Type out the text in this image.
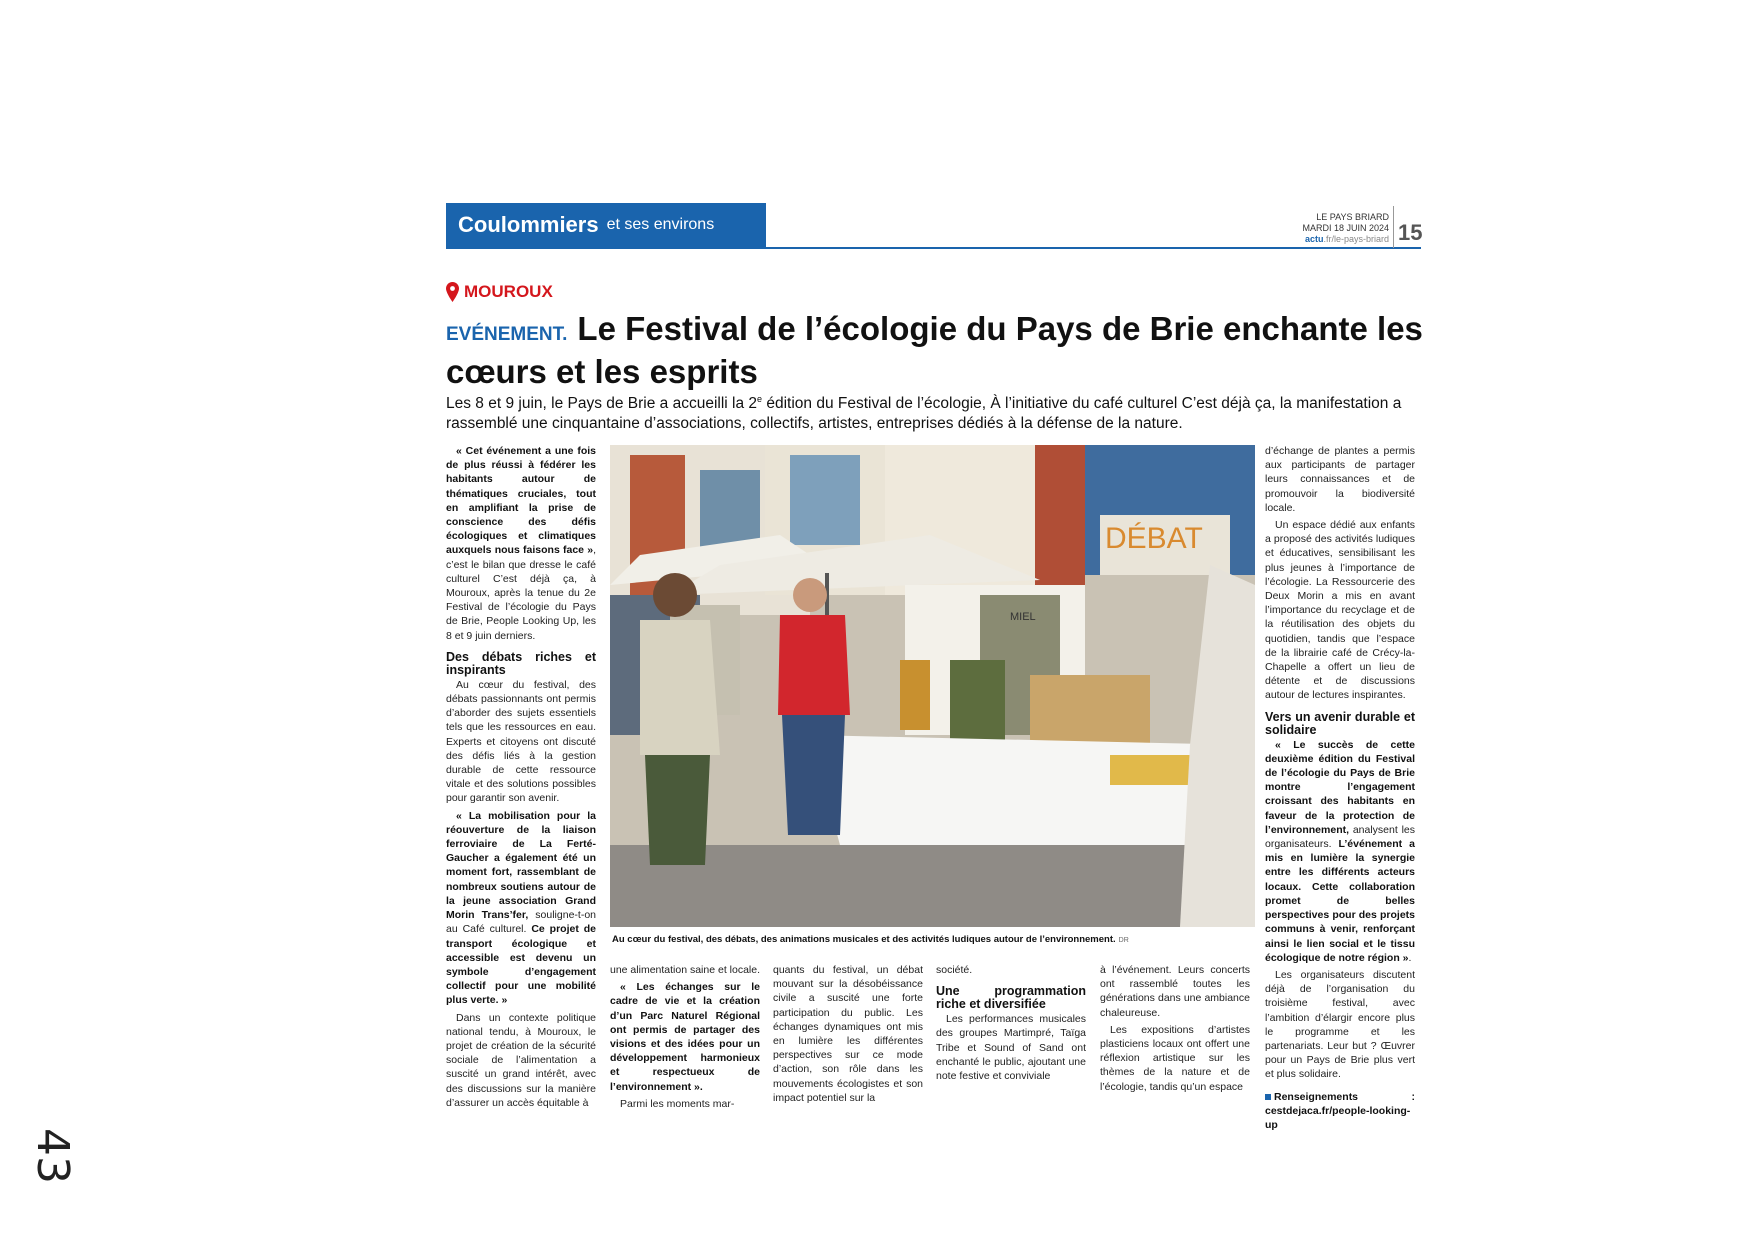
43
Coulommiers et ses environs	LE PAYS BRIARD
MARDI 18 JUIN 2024
actu.fr/le-pays-briard 15
MOUROUX
EVÉNEMENT. Le Festival de l’écologie du Pays de Brie enchante les cœurs et les esprits
Les 8 et 9 juin, le Pays de Brie a accueilli la 2e édition du Festival de l’écologie, À l’initiative du café culturel C’est déjà ça, la manifestation a rassemblé une cinquantaine d’associations, collectifs, artistes, entreprises dédiés à la défense de la nature.

« Cet événement a une fois de plus réussi à fédérer les habitants autour de thématiques cruciales, tout en amplifiant la prise de conscience des défis écologiques et climatiques auxquels nous faisons face », c’est le bilan que dresse le café culturel C’est déjà ça, à Mouroux, après la tenue du 2e Festival de l’écologie du Pays de Brie, People Looking Up, les 8 et 9 juin derniers.

Des débats riches et inspirants

Au cœur du festival, des débats passionnants ont permis d’aborder des sujets essentiels tels que les ressources en eau. Experts et citoyens ont discuté des défis liés à la gestion durable de cette ressource vitale et des solutions possibles pour garantir son avenir.

« La mobilisation pour la réouverture de la liaison ferroviaire de La Ferté-Gaucher a également été un moment fort, rassemblant de nombreux soutiens autour de la jeune association Grand Morin Trans’fer, souligne-t-on au Café culturel. Ce projet de transport écologique et accessible est devenu un symbole d’engagement collectif pour une mobilité plus verte. »

Dans un contexte politique national tendu, à Mouroux, le projet de création de la sécurité sociale de l’alimentation a suscité un grand intérêt, avec des discussions sur la manière d’assurer un accès équitable à

DÉBAT
MIEL
Au cœur du festival, des débats, des animations musicales et des activités ludiques autour de l’environnement. DR

une alimentation saine et locale.

« Les échanges sur le cadre de vie et la création d’un Parc Naturel Régional ont permis de partager des visions et des idées pour un développement harmonieux et respectueux de l’environnement ».

Parmi les moments mar-

quants du festival, un débat mouvant sur la désobéissance civile a suscité une forte participation du public. Les échanges dynamiques ont mis en lumière les différentes perspectives sur ce mode d’action, son rôle dans les mouvements écologistes et son impact potentiel sur la

société.

Une programmation riche et diversifiée

Les performances musicales des groupes Martimpré, Taïga Tribe et Sound of Sand ont enchanté le public, ajoutant une note festive et conviviale

à l’événement. Leurs concerts ont rassemblé toutes les générations dans une ambiance chaleureuse.

Les expositions d’artistes plasticiens locaux ont offert une réflexion artistique sur les thèmes de la nature et de l’écologie, tandis qu’un espace

d’échange de plantes a permis aux participants de partager leurs connaissances et de promouvoir la biodiversité locale.

Un espace dédié aux enfants a proposé des activités ludiques et éducatives, sensibilisant les plus jeunes à l’importance de l’écologie. La Ressourcerie des Deux Morin a mis en avant l’importance du recyclage et de la réutilisation des objets du quotidien, tandis que l’espace de la librairie café de Crécy-la-Chapelle a offert un lieu de détente et de discussions autour de lectures inspirantes.

Vers un avenir durable et solidaire

« Le succès de cette deuxième édition du Festival de l’écologie du Pays de Brie montre l’engagement croissant des habitants en faveur de la protection de l’environnement, analysent les organisateurs. L’événement a mis en lumière la synergie entre les différents acteurs locaux. Cette collaboration promet de belles perspectives pour des projets communs à venir, renforçant ainsi le lien social et le tissu écologique de notre région ».

Les organisateurs discutent déjà de l’organisation du troisième festival, avec l’ambition d’élargir encore plus le programme et les partenariats. Leur but ? Œuvrer pour un Pays de Brie plus vert et plus solidaire.

Renseignements : cestdejaca.fr/people-looking-up
